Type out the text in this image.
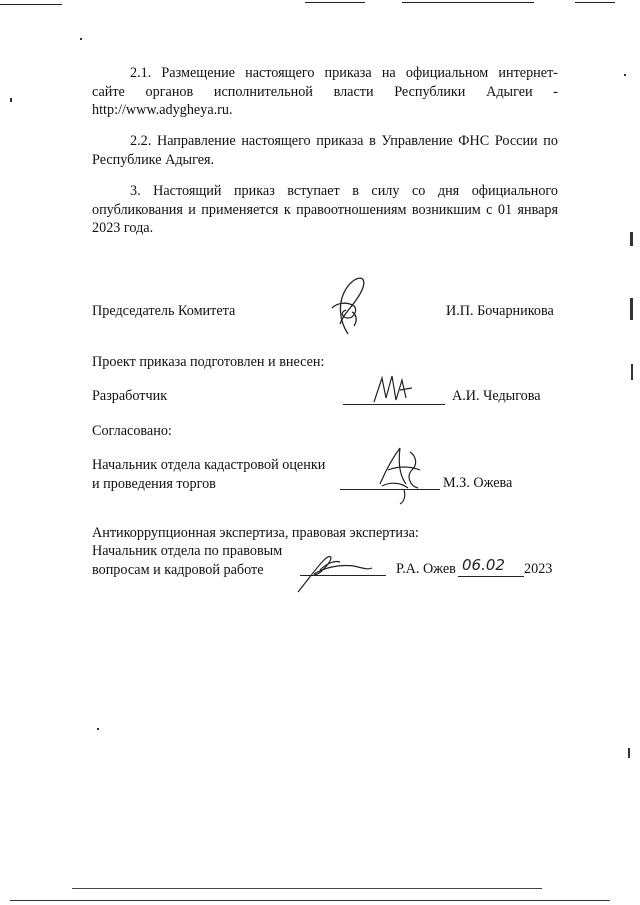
2.1. Размещение настоящего приказа на официальном интернет-
сайте органов исполнительной власти Республики Адыгеи -
http://www.adygheya.ru.
2.2. Направление настоящего приказа в Управление ФНС России по
Республике Адыгея.
3. Настоящий приказ вступает в силу со дня официального
опубликования и применяется к правоотношениям возникшим с 01 января
2023 года.
Председатель Комитета	И.П. Бочарникова
Проект приказа подготовлен и внесен:
Разработчик	А.И. Чедыгова
Согласовано:
Начальник отдела кадастровой оценки
и проведения торгов	М.З. Ожева
Антикоррупционная экспертиза, правовая экспертиза:
Начальник отдела по правовым
вопросам и кадровой работе	Р.А. Ожев 06.02 2023
